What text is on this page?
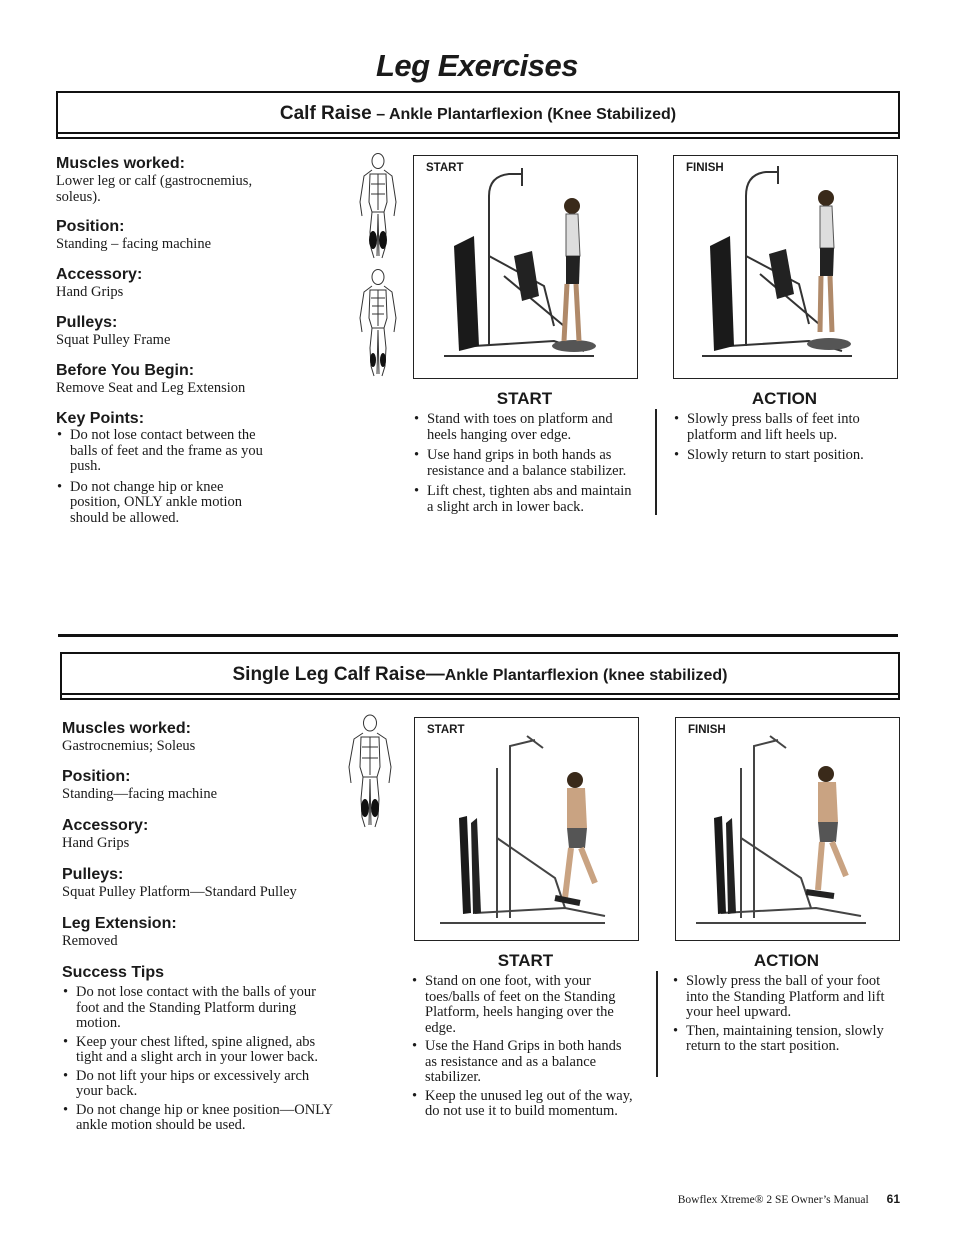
Leg Exercises
Calf Raise – Ankle Plantarflexion (Knee Stabilized)
Muscles worked:
Lower leg or calf (gastrocnemius, soleus).
Position:
Standing – facing machine
Accessory:
Hand Grips
Pulleys:
Squat Pulley Frame
Before You Begin:
Remove Seat and Leg Extension
Key Points:
• Do not lose contact between the balls of feet and the frame as you push.
• Do not change hip or knee position, ONLY ankle motion should be allowed.
START	FINISH
START
• Stand with toes on platform and heels hanging over edge.
• Use hand grips in both hands as resistance and a balance stabilizer.
• Lift chest, tighten abs and maintain a slight arch in lower back.
ACTION
• Slowly press balls of feet into platform and lift heels up.
• Slowly return to start position.
Single Leg Calf Raise—Ankle Plantarflexion (knee stabilized)
Muscles worked:
Gastrocnemius; Soleus
Position:
Standing—facing machine
Accessory:
Hand Grips
Pulleys:
Squat Pulley Platform—Standard Pulley
Leg Extension:
Removed
Success Tips
• Do not lose contact with the balls of your foot and the Standing Platform during motion.
• Keep your chest lifted, spine aligned, abs tight and a slight arch in your lower back.
• Do not lift your hips or excessively arch your back.
• Do not change hip or knee position—ONLY ankle motion should be used.
START	FINISH
START
• Stand on one foot, with your toes/balls of feet on the Standing Platform, heels hanging over the edge.
• Use the Hand Grips in both hands as resistance and as a balance stabilizer.
• Keep the unused leg out of the way, do not use it to build momentum.
ACTION
• Slowly press the ball of your foot into the Standing Platform and lift your heel upward.
• Then, maintaining tension, slowly return to the start position.
Bowflex Xtreme® 2 SE Owner’s Manual 61
